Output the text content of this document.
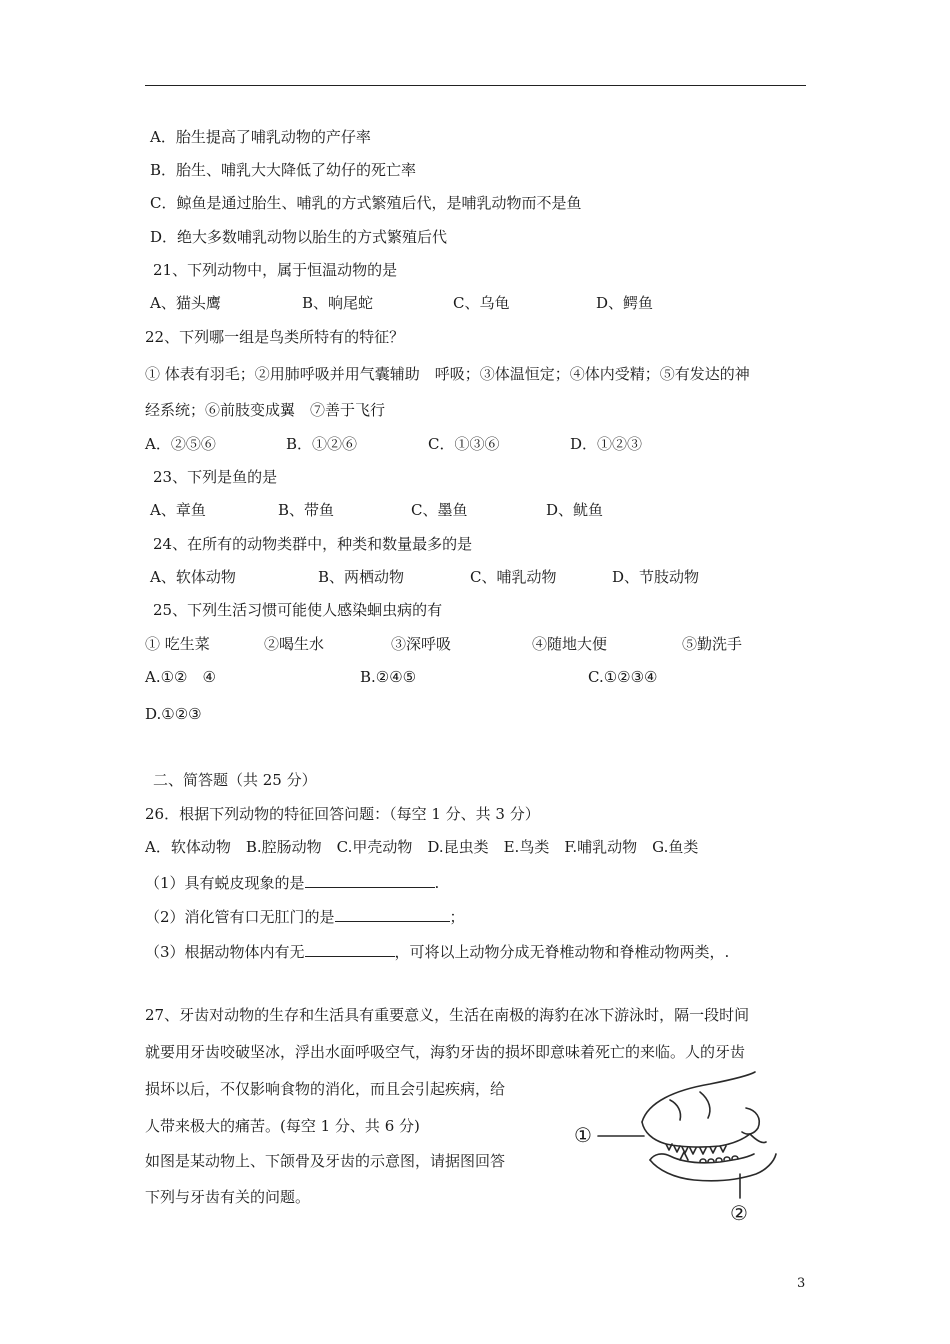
A．胎生提高了哺乳动物的产仔率
B．胎生、哺乳大大降低了幼仔的死亡率
C．鲸鱼是通过胎生、哺乳的方式繁殖后代，是哺乳动物而不是鱼
D．绝大多数哺乳动物以胎生的方式繁殖后代
21、下列动物中，属于恒温动物的是
A、猫头鹰	B、响尾蛇	C、乌龟	D、鳄鱼
22、下列哪一组是鸟类所特有的特征？
① 体表有羽毛；②用肺呼吸并用气囊辅助　呼吸；③体温恒定；④体内受精；⑤有发达的神
经系统；⑥前肢变成翼　⑦善于飞行
A．②⑤⑥	B．①②⑥	C．①③⑥	D．①②③
23、下列是鱼的是
A、章鱼	B、带鱼	C、墨鱼	D、鱿鱼
24、在所有的动物类群中，种类和数量最多的是
A、软体动物	B、两栖动物	C、哺乳动物	D、节肢动物
25、下列生活习惯可能使人感染蛔虫病的有
① 吃生菜	②喝生水	③深呼吸	④随地大便	⑤勤洗手
A.①②　④	B.②④⑤	C.①②③④
D.①②③
二、简答题（共 25 分）
26．根据下列动物的特征回答问题：（每空 1 分、共 3 分）
A．软体动物　B.腔肠动物　C.甲壳动物　D.昆虫类　E.鸟类　F.哺乳动物　G.鱼类
（1）具有蜕皮现象的是	.
（2）消化管有口无肛门的是	；
（3）根据动物体内有无	，可将以上动物分成无脊椎动物和脊椎动物两类，.
27、牙齿对动物的生存和生活具有重要意义，生活在南极的海豹在冰下游泳时，隔一段时间
就要用牙齿咬破坚冰，浮出水面呼吸空气，海豹牙齿的损坏即意味着死亡的来临。人的牙齿
损坏以后，不仅影响食物的消化，而且会引起疾病，给
人带来极大的痛苦。(每空 1 分、共 6 分)
如图是某动物上、下颌骨及牙齿的示意图，请据图回答
下列与牙齿有关的问题。
①
②
3
